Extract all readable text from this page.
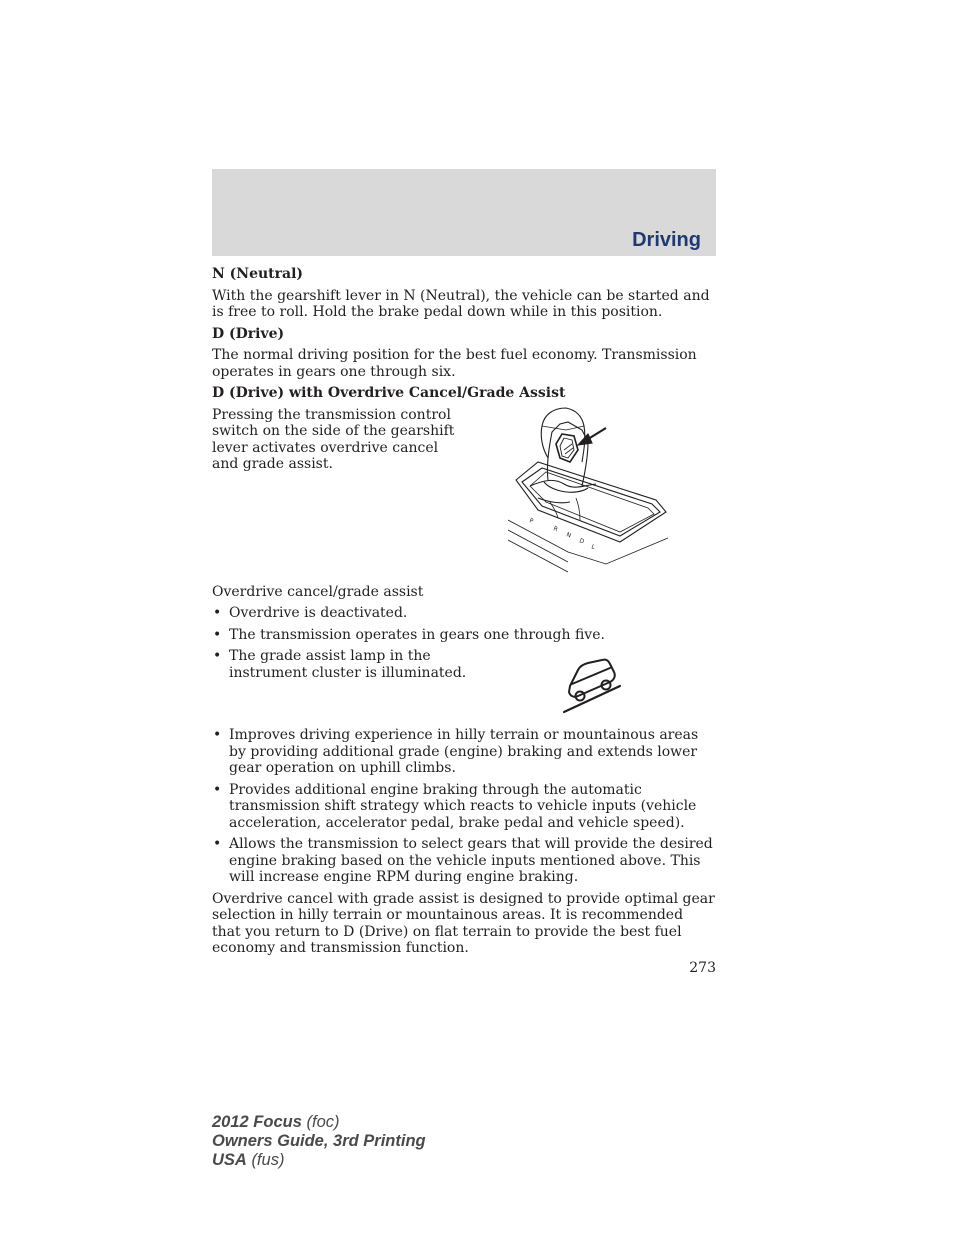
Driving
N (Neutral)

With the gearshift lever in N (Neutral), the vehicle can be started and is free to roll. Hold the brake pedal down while in this position.

D (Drive)

The normal driving position for the best fuel economy. Transmission operates in gears one through six.

D (Drive) with Overdrive Cancel/Grade Assist

Pressing the transmission control switch on the side of the gearshift lever activates overdrive cancel and grade assist.

Overdrive cancel/grade assist

• Overdrive is deactivated.
• The transmission operates in gears one through five.
• The grade assist lamp in the instrument cluster is illuminated.
• Improves driving experience in hilly terrain or mountainous areas by providing additional grade (engine) braking and extends lower gear operation on uphill climbs.
• Provides additional engine braking through the automatic transmission shift strategy which reacts to vehicle inputs (vehicle acceleration, accelerator pedal, brake pedal and vehicle speed).
• Allows the transmission to select gears that will provide the desired engine braking based on the vehicle inputs mentioned above. This will increase engine RPM during engine braking.

Overdrive cancel with grade assist is designed to provide optimal gear selection in hilly terrain or mountainous areas. It is recommended that you return to D (Drive) on flat terrain to provide the best fuel economy and transmission function.

P
R
N
D
L
273
2012 Focus (foc)
Owners Guide, 3rd Printing
USA (fus)
